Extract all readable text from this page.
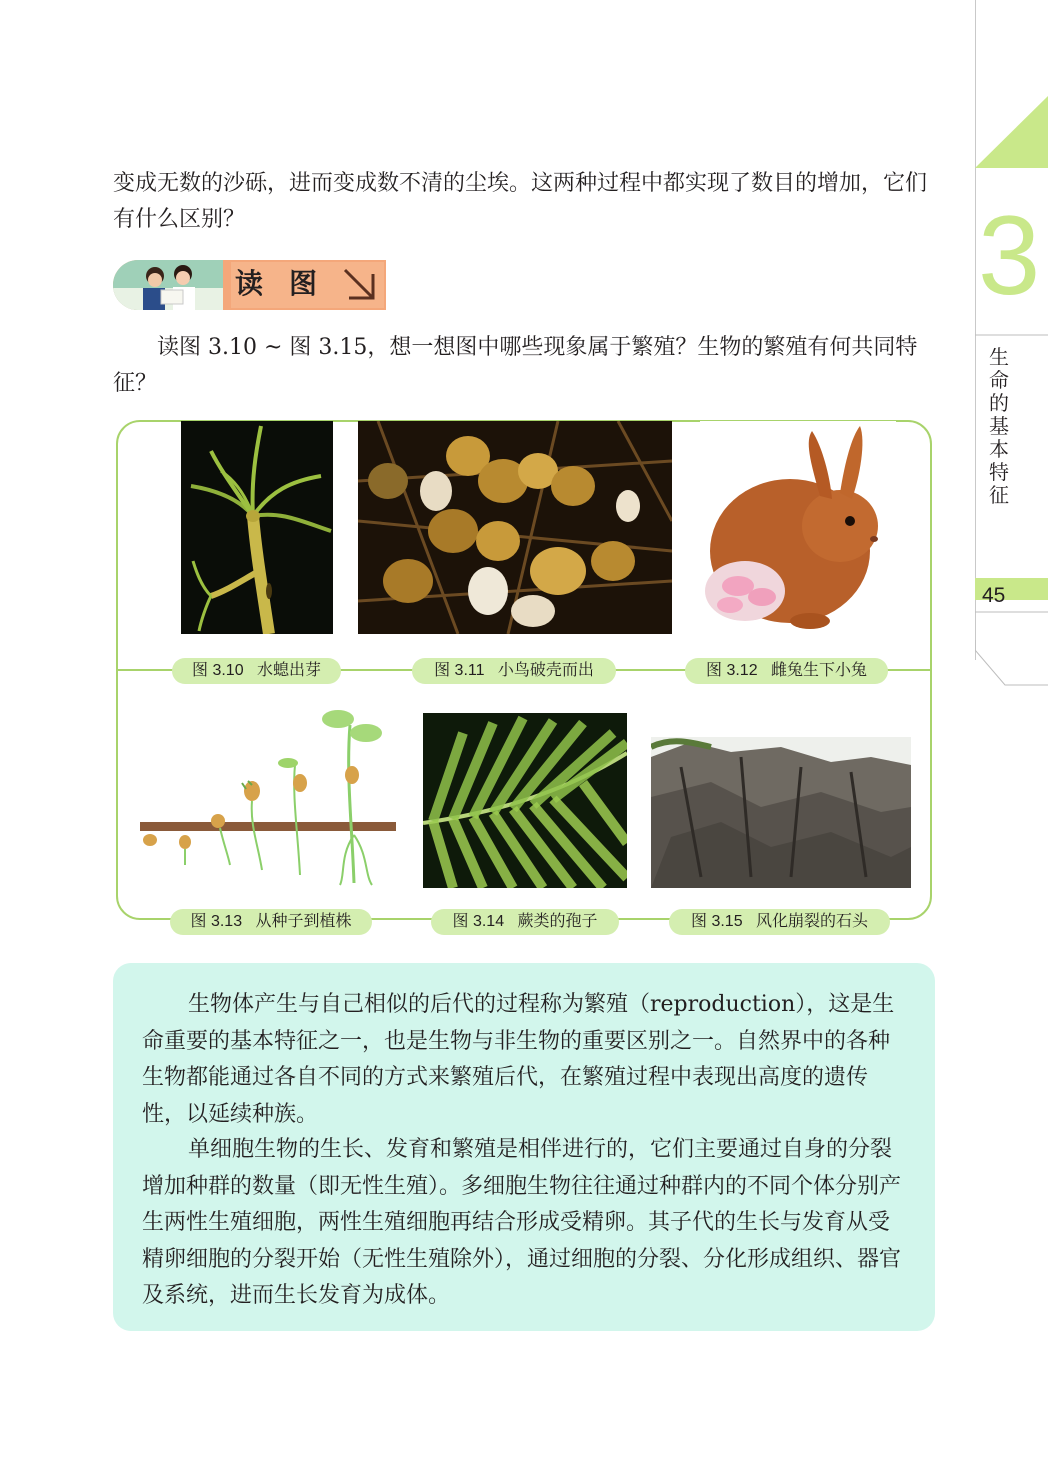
3
生命的基本特征
45

变成无数的沙砾，进而变成数不清的尘埃。这两种过程中都实现了数目的增加，它们有什么区别？

读图

读图 3.10 ~ 图 3.15，想一想图中哪些现象属于繁殖？生物的繁殖有何共同特征？

图 3.10 水螅出芽	图 3.11 小鸟破壳而出	图 3.12 雌兔生下小兔
图 3.13 从种子到植株	图 3.14 蕨类的孢子	图 3.15 风化崩裂的石头

生物体产生与自己相似的后代的过程称为繁殖（reproduction），这是生命重要的基本特征之一，也是生物与非生物的重要区别之一。自然界中的各种生物都能通过各自不同的方式来繁殖后代，在繁殖过程中表现出高度的遗传性，以延续种族。

单细胞生物的生长、发育和繁殖是相伴进行的，它们主要通过自身的分裂增加种群的数量（即无性生殖）。多细胞生物往往通过种群内的不同个体分别产生两性生殖细胞，两性生殖细胞再结合形成受精卵。其子代的生长与发育从受精卵细胞的分裂开始（无性生殖除外），通过细胞的分裂、分化形成组织、器官及系统，进而生长发育为成体。
